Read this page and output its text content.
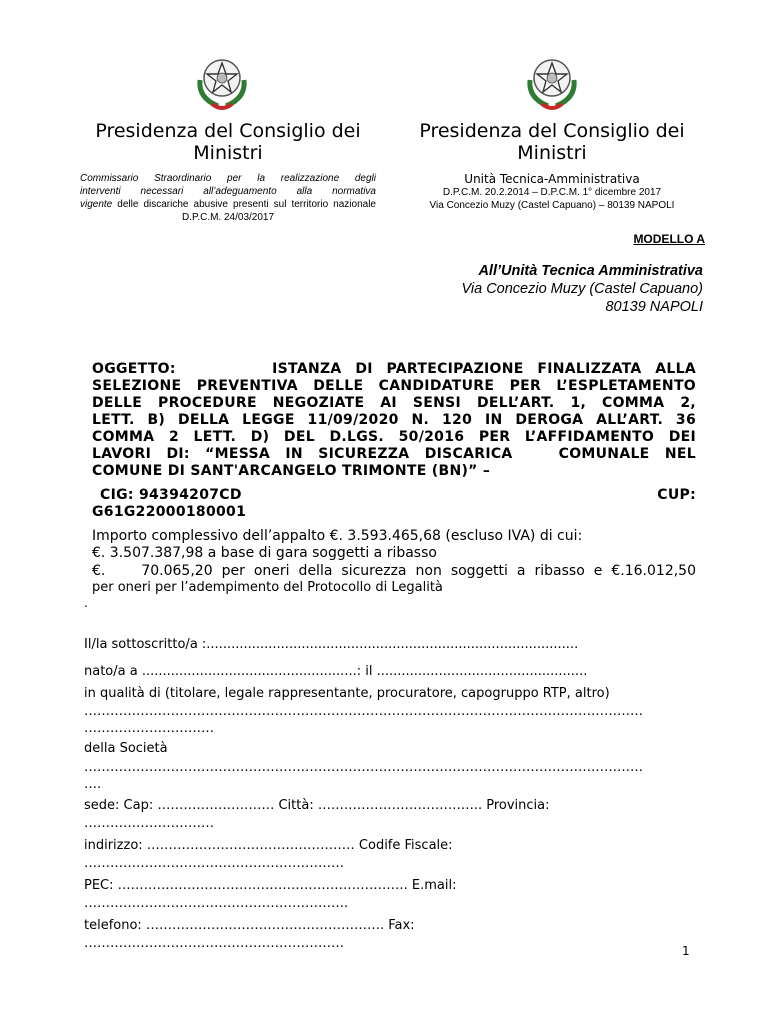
Presidenza del Consiglio dei
Ministri
Commissario Straordinario per la realizzazione degli
interventi necessari all’adeguamento alla normativa
vigente delle discariche abusive presenti sul territorio nazionale
D.P.C.M. 24/03/2017
Presidenza del Consiglio dei
Ministri
Unità Tecnica-Amministrativa
D.P.C.M. 20.2.2014 – D.P.C.M. 1° dicembre 2017
Via Concezio Muzy (Castel Capuano) – 80139 NAPOLI
MODELLO A
All’Unità Tecnica Amministrativa
Via Concezio Muzy (Castel Capuano)
80139 NAPOLI
OGGETTO:       ISTANZA DI PARTECIPAZIONE FINALIZZATA ALLA
SELEZIONE PREVENTIVA DELLE CANDIDATURE PER L’ESPLETAMENTO
DELLE PROCEDURE NEGOZIATE AI SENSI DELL’ART. 1, COMMA 2,
LETT. B) DELLA LEGGE 11/09/2020 N. 120 IN DEROGA ALL’ART. 36
COMMA 2 LETT. D) DEL D.LGS. 50/2016 PER L’AFFIDAMENTO DEI
LAVORI DI: “MESSA IN SICUREZZA DISCARICA   COMUNALE NEL
COMUNE DI SANT'ARCANGELO TRIMONTE (BN)” –
CIG: 94394207CD	CUP:
G61G22000180001
Importo complessivo dell’appalto €. 3.593.465,68 (escluso IVA) di cui:
€. 3.507.387,98 a base di gara soggetti a ribasso
€.    70.065,20 per oneri della sicurezza non soggetti a ribasso e €.16.012,50
per oneri per l’adempimento del Protocollo di Legalità
.
Il/la sottoscritto/a :..........................................................................................
nato/a a ....................................................: il ...................................................
in qualità di (titolare, legale rappresentante, procuratore, capogruppo RTP, altro)
…………………………………………………………………………………………………………………
…………………………
della Società
…………………………………………………………………………………………………………………
….
sede: Cap: ……………………… Città: ……………………………….. Provincia:
…………………………
indirizzo: ………………………………………… Codife Fiscale:
……………………………………………………
PEC: …………………………………………………………. E.mail:
…………………………………………………….
telefono: ………………………………………………. Fax:
……………………………………………………	1
